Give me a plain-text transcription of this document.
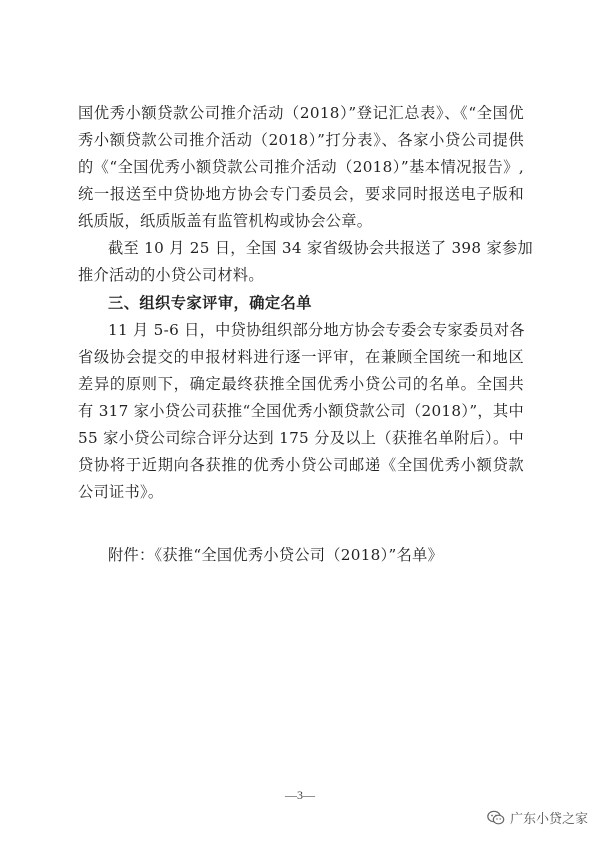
国优秀小额贷款公司推介活动（2018）”登记汇总表》、《“全国优
秀小额贷款公司推介活动（2018）”打分表》、各家小贷公司提供
的《“全国优秀小额贷款公司推介活动（2018）”基本情况报告》,
统一报送至中贷协地方协会专门委员会，要求同时报送电子版和
纸质版，纸质版盖有监管机构或协会公章。
截至 10 月 25 日，全国 34 家省级协会共报送了 398 家参加
推介活动的小贷公司材料。
三、组织专家评审，确定名单
11 月 5-6 日，中贷协组织部分地方协会专委会专家委员对各
省级协会提交的申报材料进行逐一评审，在兼顾全国统一和地区
差异的原则下，确定最终获推全国优秀小贷公司的名单。全国共
有 317 家小贷公司获推“全国优秀小额贷款公司（2018）”，其中
55 家小贷公司综合评分达到 175 分及以上（获推名单附后）。中
贷协将于近期向各获推的优秀小贷公司邮递《全国优秀小额贷款
公司证书》。
附件：《获推“全国优秀小贷公司（2018）”名单》
—3—
广东小贷之家
